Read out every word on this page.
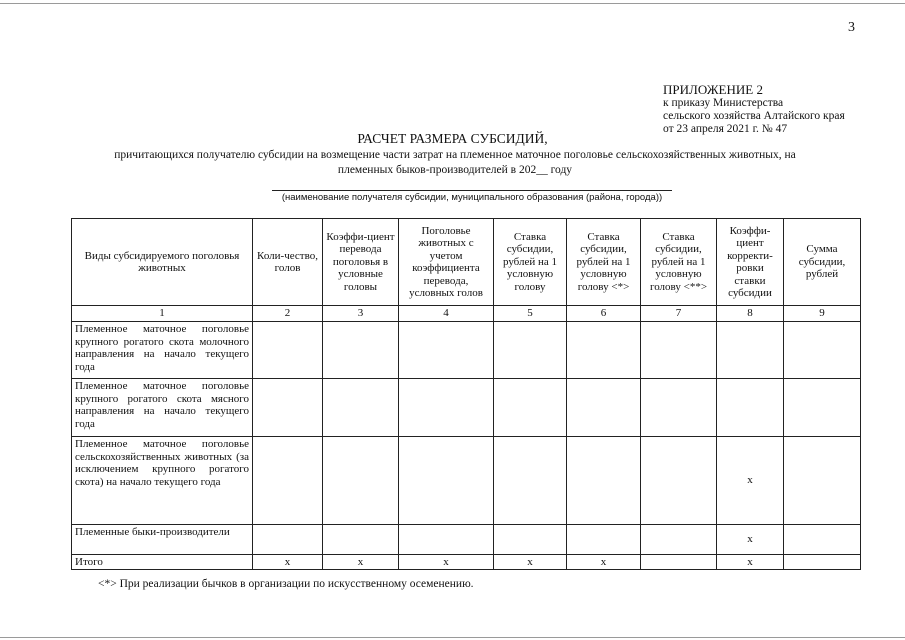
3
ПРИЛОЖЕНИЕ 2
к приказу Министерства
сельского хозяйства Алтайского края
от 23 апреля 2021 г. № 47
РАСЧЕТ РАЗМЕРА СУБСИДИЙ,
причитающихся получателю субсидии на возмещение части затрат на племенное маточное поголовье сельскохозяйственных животных, на
племенных быков-производителей в 202__ году
(наименование получателя субсидии, муниципального образования (района, города))
Виды субсидируемого поголовья животных	Коли-чество, голов	Коэффи-циент перевода поголовья в условные головы	Поголовье животных с учетом коэффициента перевода, условных голов	Ставка субсидии, рублей на 1 условную голову	Ставка субсидии, рублей на 1 условную голову <*>	Ставка субсидии, рублей на 1 условную голову <**>	Коэффи-циент корректи-ровки ставки субсидии	Сумма субсидии, рублей
1	2	3	4	5	6	7	8	9
Племенное маточное поголовье крупного рогатого скота молочного направления на начало текущего года								
Племенное маточное поголовье крупного рогатого скота мясного направления на начало текущего года								
Племенное маточное поголовье сельскохозяйственных животных (за исключением крупного рогатого скота) на начало текущего года							x	
Племенные быки-производители							x	
Итого	x	x	x	x	x		x	
<*> При реализации бычков в организации по искусственному осеменению.
